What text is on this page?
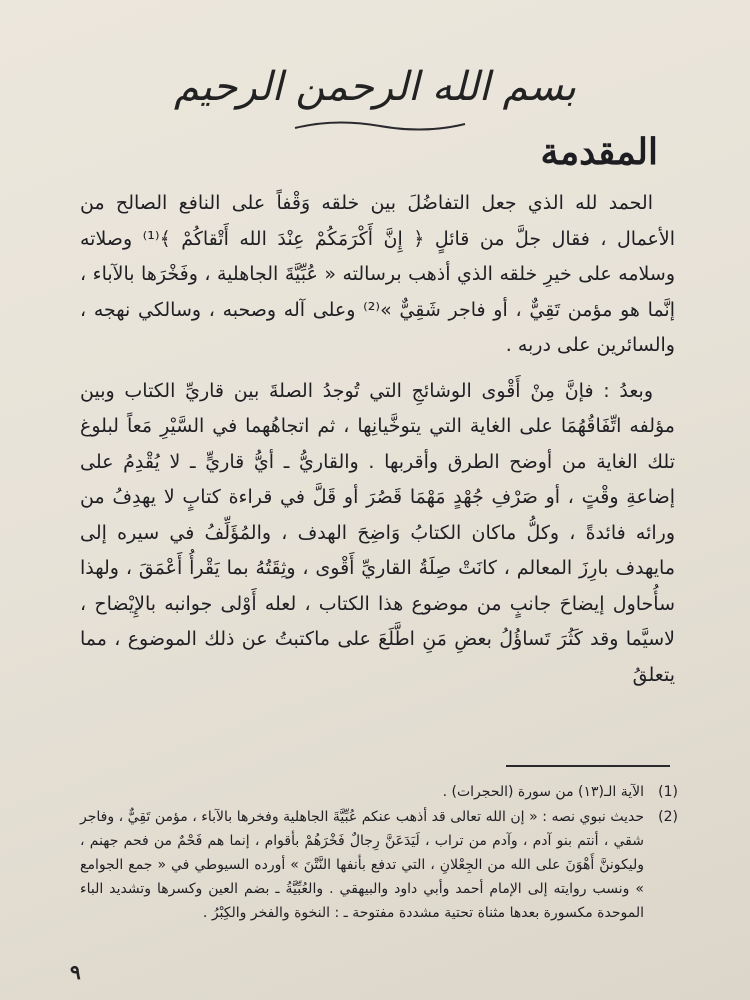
بسم الله الرحمن الرحيم
المقدمة

الحمد لله الذي جعل التفاضُلَ بين خلقه وَقْفاً على النافع الصالح من الأعمال ، فقال جلَّ من قائلٍ ﴿ إِنَّ أَكْرَمَكُمْ عِنْدَ الله أَتْقاكُمْ ﴾⁽¹⁾ وصلاته وسلامه على خيرِ خلقه الذي أذهب برسالته « عُبِّيَّةَ الجاهلية ، وفَخْرَها بالآباء ، إنَّما هو مؤمن تَقِيٌّ ، أو فاجر شَقِيٌّ »⁽²⁾ وعلى آله وصحبه ، وسالكي نهجه ، والسائرين على دربه .

وبعدُ : فإنَّ مِنْ أَقْوى الوشائجِ التي تُوجدُ الصلةَ بين قاريِّ الكتاب وبين مؤلفه اتِّفَاقُهُمَا على الغاية التي يتوخَّيانِها ، ثم اتجاهُهما في السَّيْرِ مَعاً لبلوغ تلك الغاية من أوضح الطرق وأقربها . والقاريُّ ـ أيُّ قاريٍّ ـ لا يُقْدِمُ على إضاعةِ وقْتٍ ، أو صَرْفِ جُهْدٍ مَهْمَا قَصُرَ أو قَلَّ في قراءة كتابٍ لا يهدِفُ من ورائه فائدةً ، وكلُّ ماكان الكتابُ وَاضِحَ الهدف ، والمُؤَلِّفُ في سيره إلى مايهدف بارِزَ المعالم ، كانَتْ صِلَةُ القاريِّ أَقْوى ، وثِقَتُهُ بما يَقْرأُ أَعْمَقَ ، ولهذا سأُحاول إيضاحَ جانبٍ من موضوع هذا الكتاب ، لعله أَوْلى جوانبه بالإِيْضاح ، لاسيَّما وقد كَثُرَ تَساؤُلُ بعضِ مَنِ اطَّلَعَ على ماكتبتُ عن ذلك الموضوع ، مما يتعلقُ

(1)
الآية الـ(١٣) من سورة (الحجرات) .
(2)
حديث نبوي نصه : « إن الله تعالى قد أذهب عنكم عُبِّيَّةَ الجاهلية وفخرها بالآباء ، مؤمن تَقِيٌّ ، وفاجر شقي ، أنتم بنو آدم ، وآدم من تراب ، لَيَدَعَنَّ رِجالٌ فَخْرَهُمْ بأقوام ، إنما هم فَحْمٌ من فحم جهنم ، وليكوننَّ أَهْوَنَ على الله من الجِعْلانِ ، التي تدفع بأنفها النَّتْنَ » أورده السيوطي في « جمع الجوامع » ونسب روايته إلى الإمام أحمد وأبي داود والبيهقي . والعُبِّيَّةُ ـ بضم العين وكسرها وتشديد الباء الموحدة مكسورة بعدها مثناة تحتية مشددة مفتوحة ـ : النخوة والفخر والكِبْرُ .
٩
